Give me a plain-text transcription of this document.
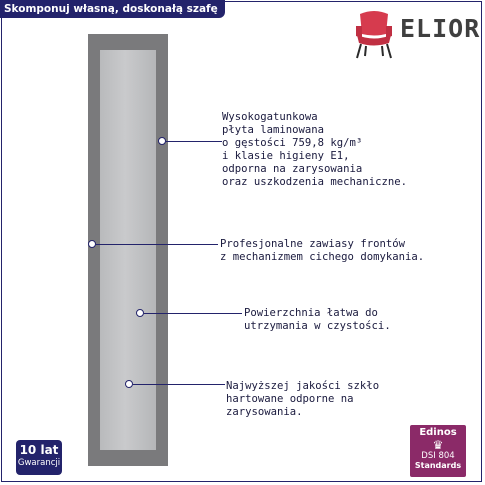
Skomponuj własną, doskonałą szafę
ELIOR
Wysokogatunkowa
płyta laminowana
o gęstości 759,8 kg/m³
i klasie higieny E1,
odporna na zarysowania
oraz uszkodzenia mechaniczne.
Profesjonalne zawiasy frontów
z mechanizmem cichego domykania.
Powierzchnia łatwa do
utrzymania w czystości.
Najwyższej jakości szkło
hartowane odporne na
zarysowania.
10 lat
Gwarancji
Edinos
♛
DSI 804
Standards
